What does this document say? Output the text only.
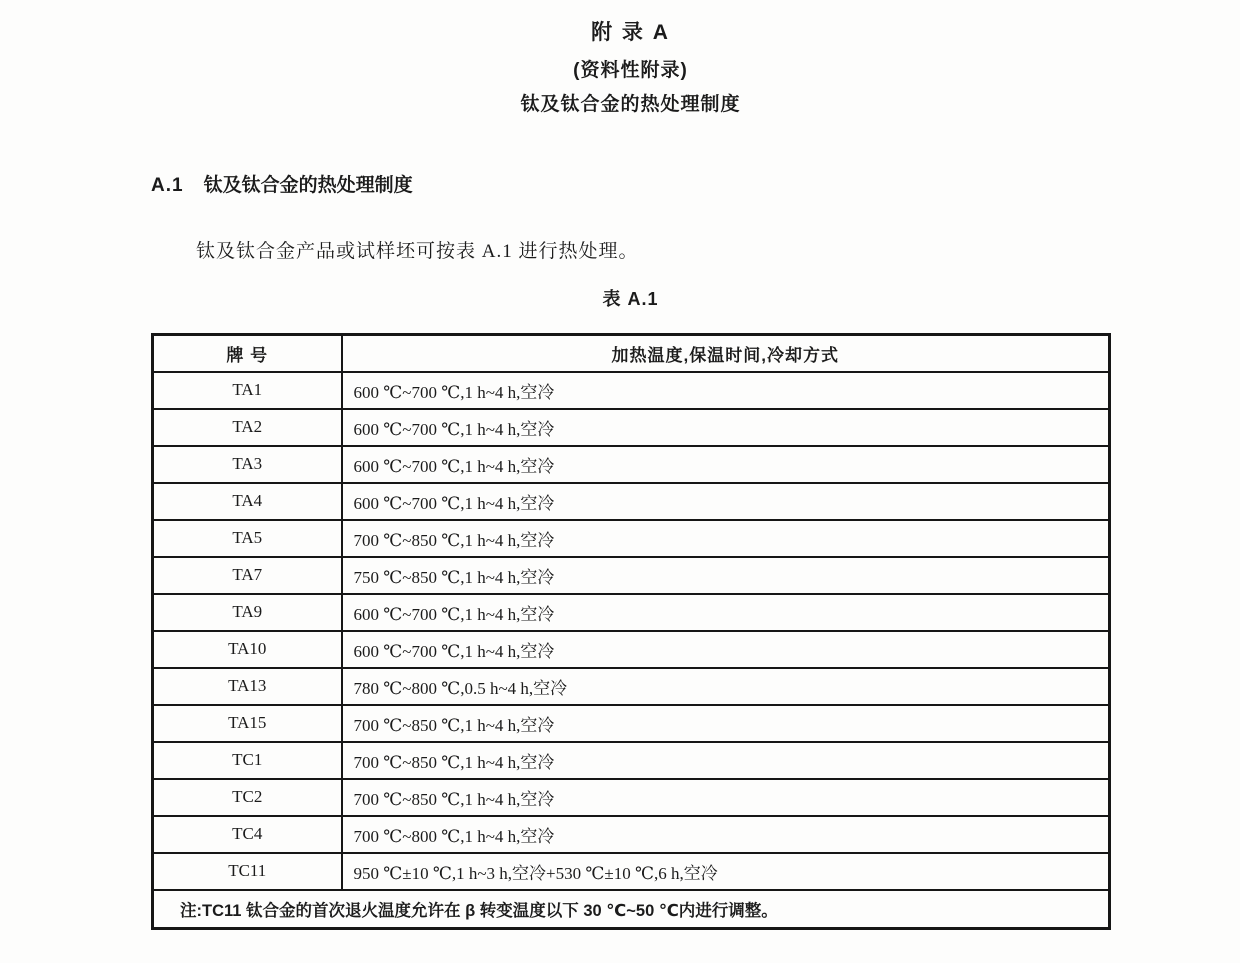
附 录 A
(资料性附录)
钛及钛合金的热处理制度
A.1 钛及钛合金的热处理制度

钛及钛合金产品或试样坯可按表 A.1 进行热处理。

表 A.1
牌 号	加热温度,保温时间,冷却方式
TA1	600 ℃~700 ℃,1 h~4 h,空冷
TA2	600 ℃~700 ℃,1 h~4 h,空冷
TA3	600 ℃~700 ℃,1 h~4 h,空冷
TA4	600 ℃~700 ℃,1 h~4 h,空冷
TA5	700 ℃~850 ℃,1 h~4 h,空冷
TA7	750 ℃~850 ℃,1 h~4 h,空冷
TA9	600 ℃~700 ℃,1 h~4 h,空冷
TA10	600 ℃~700 ℃,1 h~4 h,空冷
TA13	780 ℃~800 ℃,0.5 h~4 h,空冷
TA15	700 ℃~850 ℃,1 h~4 h,空冷
TC1	700 ℃~850 ℃,1 h~4 h,空冷
TC2	700 ℃~850 ℃,1 h~4 h,空冷
TC4	700 ℃~800 ℃,1 h~4 h,空冷
TC11	950 ℃±10 ℃,1 h~3 h,空冷+530 ℃±10 ℃,6 h,空冷
注:TC11 钛合金的首次退火温度允许在 β 转变温度以下 30 ℃~50 ℃内进行调整。	
